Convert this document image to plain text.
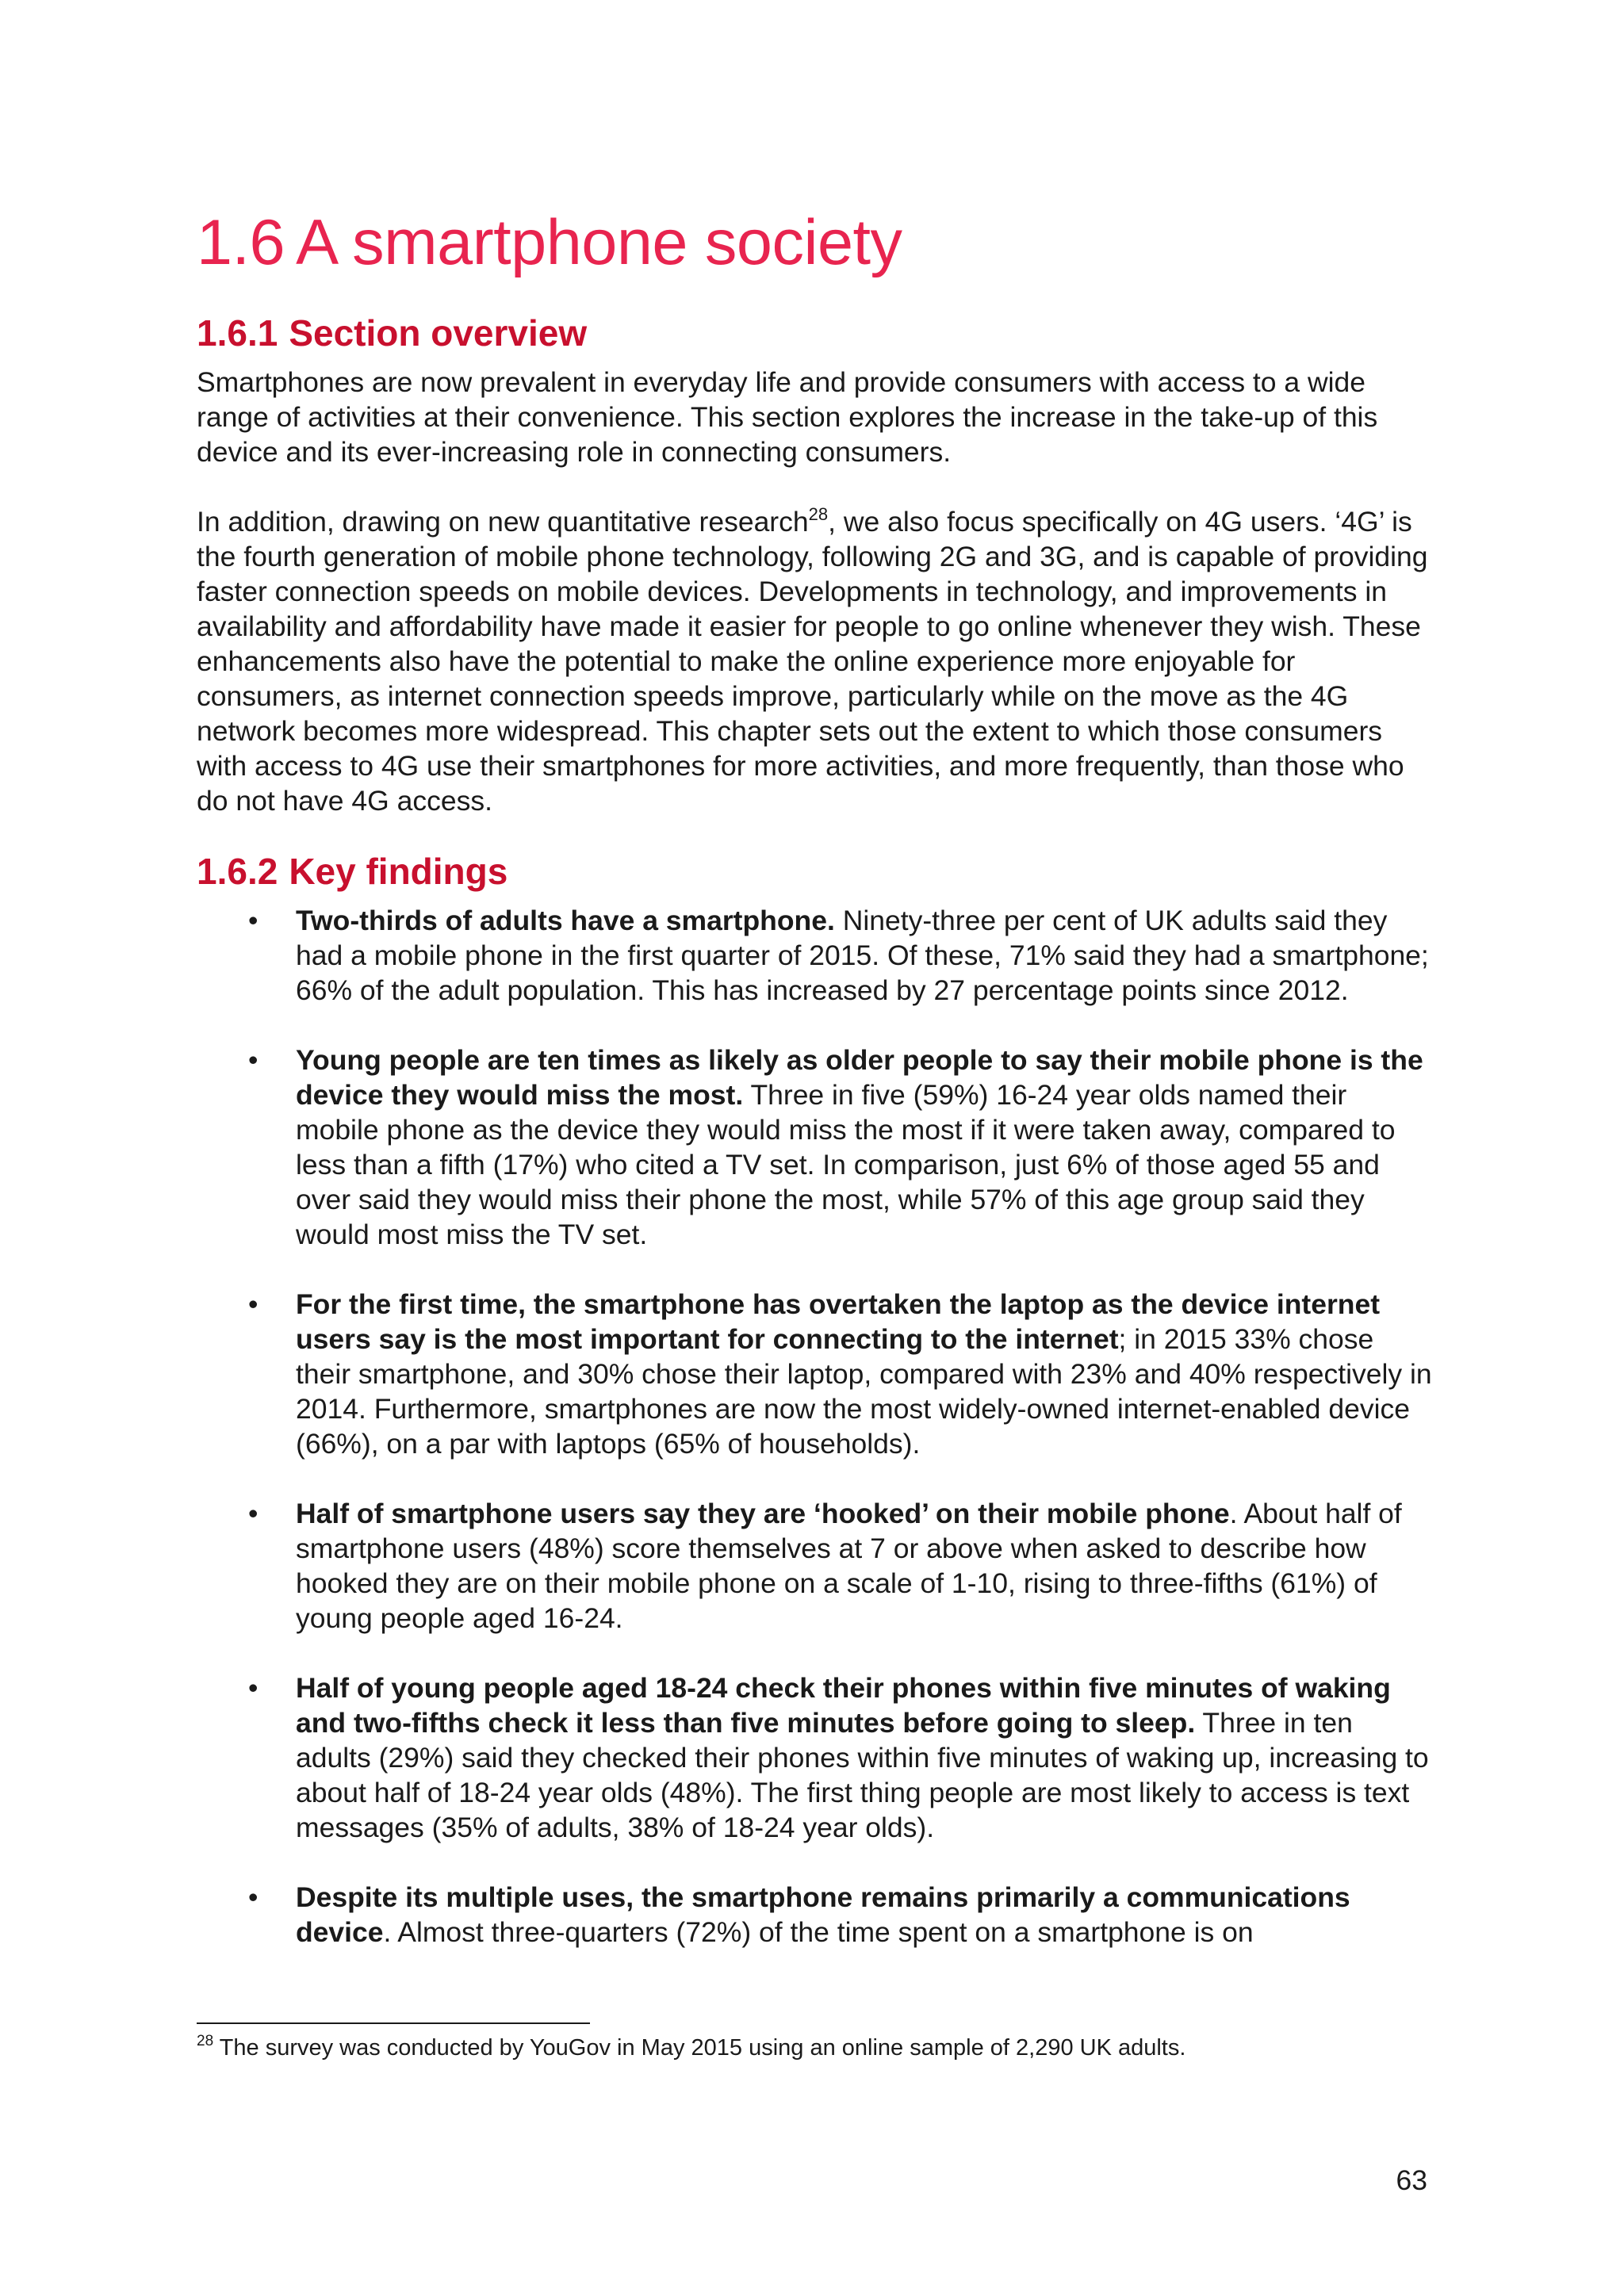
1.6 A smartphone society
1.6.1 Section overview

Smartphones are now prevalent in everyday life and provide consumers with access to a wide range of activities at their convenience. This section explores the increase in the take-up of this device and its ever-increasing role in connecting consumers.

In addition, drawing on new quantitative research$^{28}$, we also focus specifically on 4G users. ‘4G’ is the fourth generation of mobile phone technology, following 2G and 3G, and is capable of providing faster connection speeds on mobile devices. Developments in technology, and improvements in availability and affordability have made it easier for people to go online whenever they wish. These enhancements also have the potential to make the online experience more enjoyable for consumers, as internet connection speeds improve, particularly while on the move as the 4G network becomes more widespread. This chapter sets out the extent to which those consumers with access to 4G use their smartphones for more activities, and more frequently, than those who do not have 4G access.

1.6.2 Key findings
• Two-thirds of adults have a smartphone. Ninety-three per cent of UK adults said they had a mobile phone in the first quarter of 2015. Of these, 71% said they had a smartphone; 66% of the adult population. This has increased by 27 percentage points since 2012.
• Young people are ten times as likely as older people to say their mobile phone is the device they would miss the most. Three in five (59%) 16-24 year olds named their mobile phone as the device they would miss the most if it were taken away, compared to less than a fifth (17%) who cited a TV set. In comparison, just 6% of those aged 55 and over said they would miss their phone the most, while 57% of this age group said they would most miss the TV set.
• For the first time, the smartphone has overtaken the laptop as the device internet users say is the most important for connecting to the internet; in 2015 33% chose their smartphone, and 30% chose their laptop, compared with 23% and 40% respectively in 2014. Furthermore, smartphones are now the most widely-owned internet-enabled device (66%), on a par with laptops (65% of households).
• Half of smartphone users say they are ‘hooked’ on their mobile phone. About half of smartphone users (48%) score themselves at 7 or above when asked to describe how hooked they are on their mobile phone on a scale of 1-10, rising to three-fifths (61%) of young people aged 16-24.
• Half of young people aged 18-24 check their phones within five minutes of waking and two-fifths check it less than five minutes before going to sleep. Three in ten adults (29%) said they checked their phones within five minutes of waking up, increasing to about half of 18-24 year olds (48%). The first thing people are most likely to access is text messages (35% of adults, 38% of 18-24 year olds).
• Despite its multiple uses, the smartphone remains primarily a communications device. Almost three-quarters (72%) of the time spent on a smartphone is on
$^{28}$ The survey was conducted by YouGov in May 2015 using an online sample of 2,290 UK adults.
63
